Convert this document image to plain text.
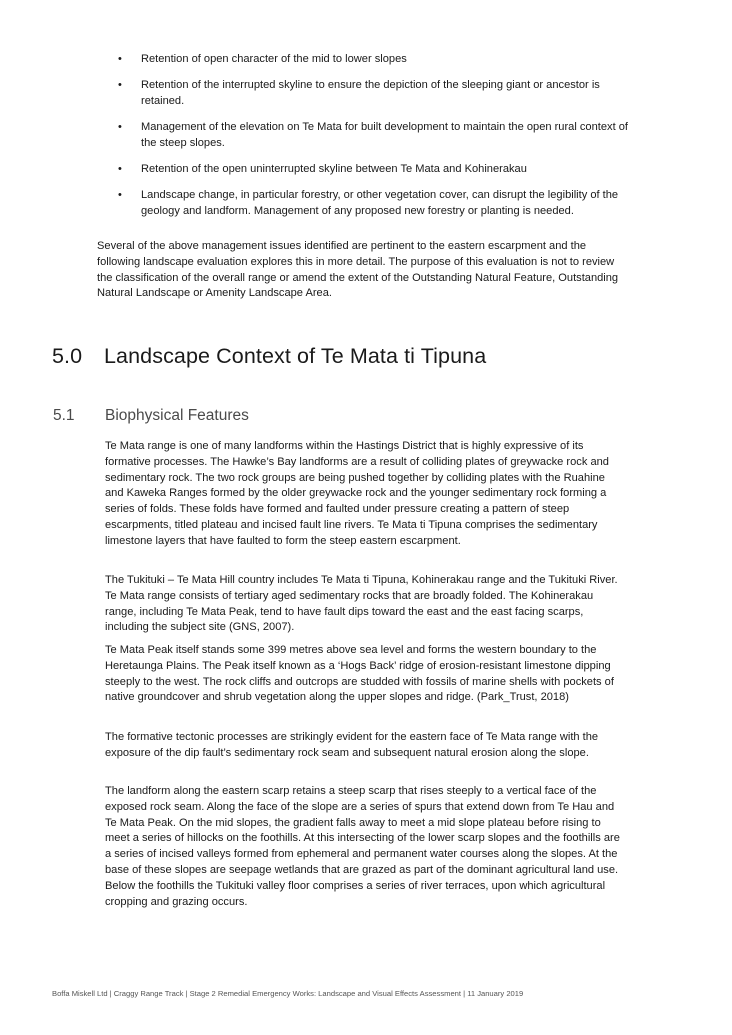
• Retention of open character of the mid to lower slopes
• Retention of the interrupted skyline to ensure the depiction of the sleeping giant or ancestor is retained.
• Management of the elevation on Te Mata for built development to maintain the open rural context of the steep slopes.
• Retention of the open uninterrupted skyline between Te Mata and Kohinerakau
• Landscape change, in particular forestry, or other vegetation cover, can disrupt the legibility of the geology and landform. Management of any proposed new forestry or planting is needed.

Several of the above management issues identified are pertinent to the eastern escarpment and the following landscape evaluation explores this in more detail. The purpose of this evaluation is not to review the classification of the overall range or amend the extent of the Outstanding Natural Feature, Outstanding Natural Landscape or Amenity Landscape Area.

5.0 Landscape Context of Te Mata ti Tipuna
5.1 Biophysical Features

Te Mata range is one of many landforms within the Hastings District that is highly expressive of its formative processes. The Hawke’s Bay landforms are a result of colliding plates of greywacke rock and sedimentary rock. The two rock groups are being pushed together by colliding plates with the Ruahine and Kaweka Ranges formed by the older greywacke rock and the younger sedimentary rock forming a series of folds. These folds have formed and faulted under pressure creating a pattern of steep escarpments, titled plateau and incised fault line rivers. Te Mata ti Tipuna comprises the sedimentary limestone layers that have faulted to form the steep eastern escarpment.

The Tukituki – Te Mata Hill country includes Te Mata ti Tipuna, Kohinerakau range and the Tukituki River. Te Mata range consists of tertiary aged sedimentary rocks that are broadly folded. The Kohinerakau range, including Te Mata Peak, tend to have fault dips toward the east and the east facing scarps, including the subject site (GNS, 2007).

Te Mata Peak itself stands some 399 metres above sea level and forms the western boundary to the Heretaunga Plains. The Peak itself known as a ‘Hogs Back’ ridge of erosion-resistant limestone dipping steeply to the west. The rock cliffs and outcrops are studded with fossils of marine shells with pockets of native groundcover and shrub vegetation along the upper slopes and ridge. (Park_Trust, 2018)

The formative tectonic processes are strikingly evident for the eastern face of Te Mata range with the exposure of the dip fault’s sedimentary rock seam and subsequent natural erosion along the slope.

The landform along the eastern scarp retains a steep scarp that rises steeply to a vertical face of the exposed rock seam. Along the face of the slope are a series of spurs that extend down from Te Hau and Te Mata Peak. On the mid slopes, the gradient falls away to meet a mid slope plateau before rising to meet a series of hillocks on the foothills. At this intersecting of the lower scarp slopes and the foothills are a series of incised valleys formed from ephemeral and permanent water courses along the slopes. At the base of these slopes are seepage wetlands that are grazed as part of the dominant agricultural land use. Below the foothills the Tukituki valley floor comprises a series of river terraces, upon which agricultural cropping and grazing occurs.

Boffa Miskell Ltd | Craggy Range Track | Stage 2 Remedial Emergency Works: Landscape and Visual Effects Assessment | 11 January 2019
